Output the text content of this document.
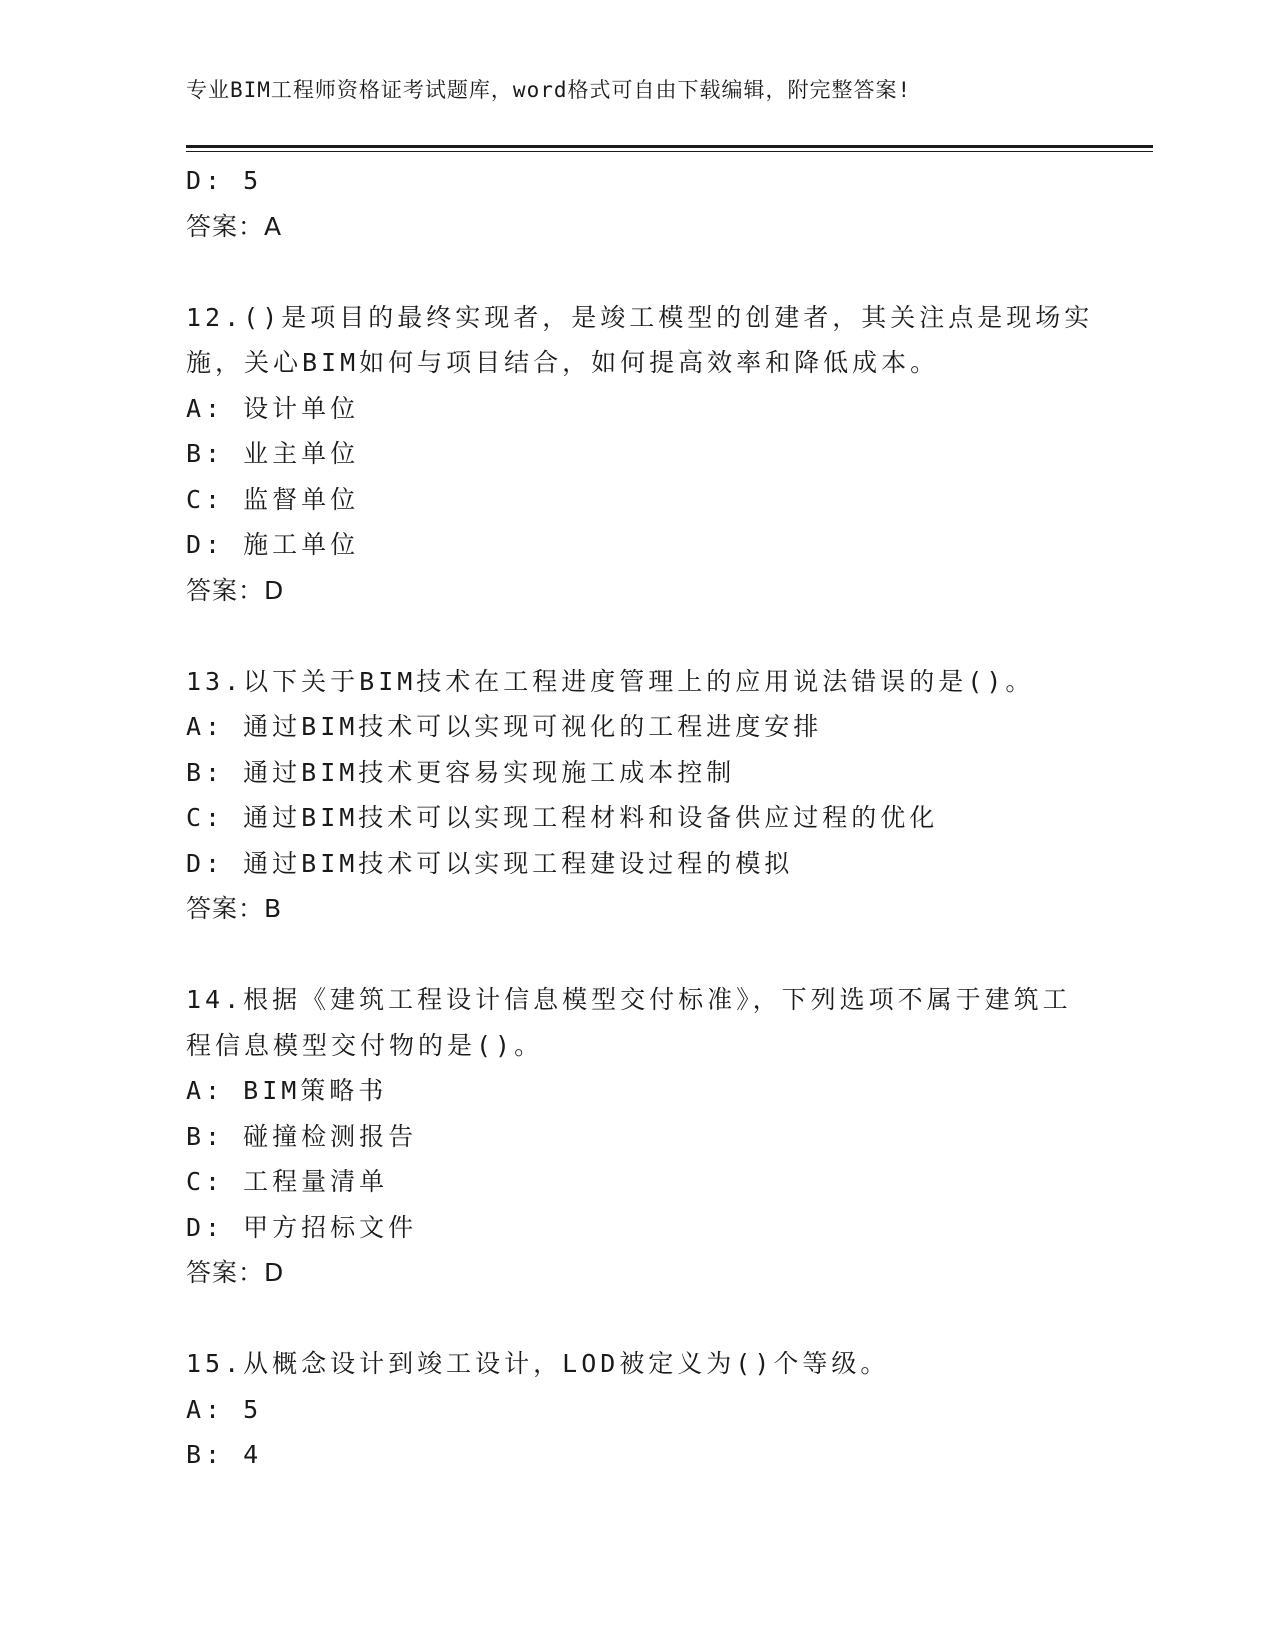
专业BIM工程师资格证考试题库，word格式可自由下载编辑，附完整答案!
D: 5
答案：A
12.()是项目的最终实现者，是竣工模型的创建者，其关注点是现场实
施，关心BIM如何与项目结合，如何提高效率和降低成本。
A: 设计单位
B: 业主单位
C: 监督单位
D: 施工单位
答案：D
13.以下关于BIM技术在工程进度管理上的应用说法错误的是()。
A: 通过BIM技术可以实现可视化的工程进度安排
B: 通过BIM技术更容易实现施工成本控制
C: 通过BIM技术可以实现工程材料和设备供应过程的优化
D: 通过BIM技术可以实现工程建设过程的模拟
答案：B
14.根据《建筑工程设计信息模型交付标准》，下列选项不属于建筑工
程信息模型交付物的是()。
A: BIM策略书
B: 碰撞检测报告
C: 工程量清单
D: 甲方招标文件
答案：D
15.从概念设计到竣工设计，LOD被定义为()个等级。
A: 5
B: 4
